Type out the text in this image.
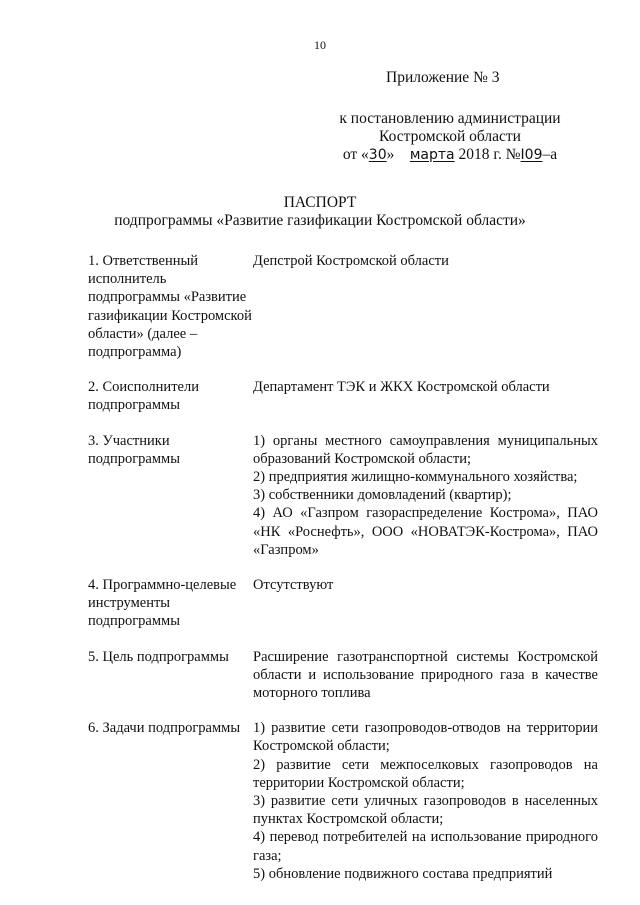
10
Приложение № 3
к постановлению администрации
Костромской области
от «30» марта 2018 г. №I09–а
ПАСПОРТ
подпрограммы «Развитие газификации Костромской области»
1. Ответственный исполнитель подпрограммы «Развитие газификации Костромской области» (далее – подпрограмма)
Депстрой Костромской области
2. Соисполнители подпрограммы
Департамент ТЭК и ЖКХ Костромской области
3. Участники подпрограммы
1) органы местного самоуправления муниципальных образований Костромской области;
2) предприятия жилищно-коммунального хозяйства;
3) собственники домовладений (квартир);
4) АО «Газпром газораспределение Кострома», ПАО «НК «Роснефть», ООО «НОВАТЭК-Кострома», ПАО «Газпром»
4. Программно-целевые инструменты подпрограммы
Отсутствуют
5. Цель подпрограммы	Расширение газотранспортной системы Костромской области и использование природного газа в качестве моторного топлива
6. Задачи подпрограммы 1) развитие сети газопроводов-отводов на территории Костромской области;
2) развитие сети межпоселковых газопроводов на территории Костромской области;
3) развитие сети уличных газопроводов в населенных пунктах Костромской области;
4) перевод потребителей на использование природного газа;
5) обновление подвижного состава предприятий
